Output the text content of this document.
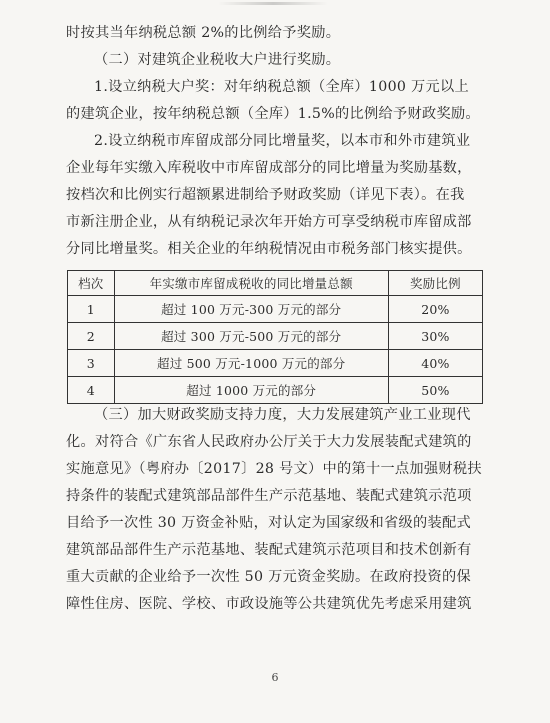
时按其当年纳税总额 2%的比例给予奖励。
（二）对建筑企业税收大户进行奖励。
1.设立纳税大户奖：对年纳税总额（全库）1000 万元以上
的建筑企业，按年纳税总额（全库）1.5%的比例给予财政奖励。
2.设立纳税市库留成部分同比增量奖，以本市和外市建筑业
企业每年实缴入库税收中市库留成部分的同比增量为奖励基数，
按档次和比例实行超额累进制给予财政奖励（详见下表）。在我
市新注册企业，从有纳税记录次年开始方可享受纳税市库留成部
分同比增量奖。相关企业的年纳税情况由市税务部门核实提供。
档次	年实缴市库留成税收的同比增量总额	奖励比例
1	超过 100 万元-300 万元的部分	20%
2	超过 300 万元-500 万元的部分	30%
3	超过 500 万元-1000 万元的部分	40%
4	超过 1000 万元的部分	50%
（三）加大财政奖励支持力度，大力发展建筑产业工业现代
化。对符合《广东省人民政府办公厅关于大力发展装配式建筑的
实施意见》（粤府办〔2017〕28 号文）中的第十一点加强财税扶
持条件的装配式建筑部品部件生产示范基地、装配式建筑示范项
目给予一次性 30 万资金补贴，对认定为国家级和省级的装配式
建筑部品部件生产示范基地、装配式建筑示范项目和技术创新有
重大贡献的企业给予一次性 50 万元资金奖励。在政府投资的保
障性住房、医院、学校、市政设施等公共建筑优先考虑采用建筑
6
